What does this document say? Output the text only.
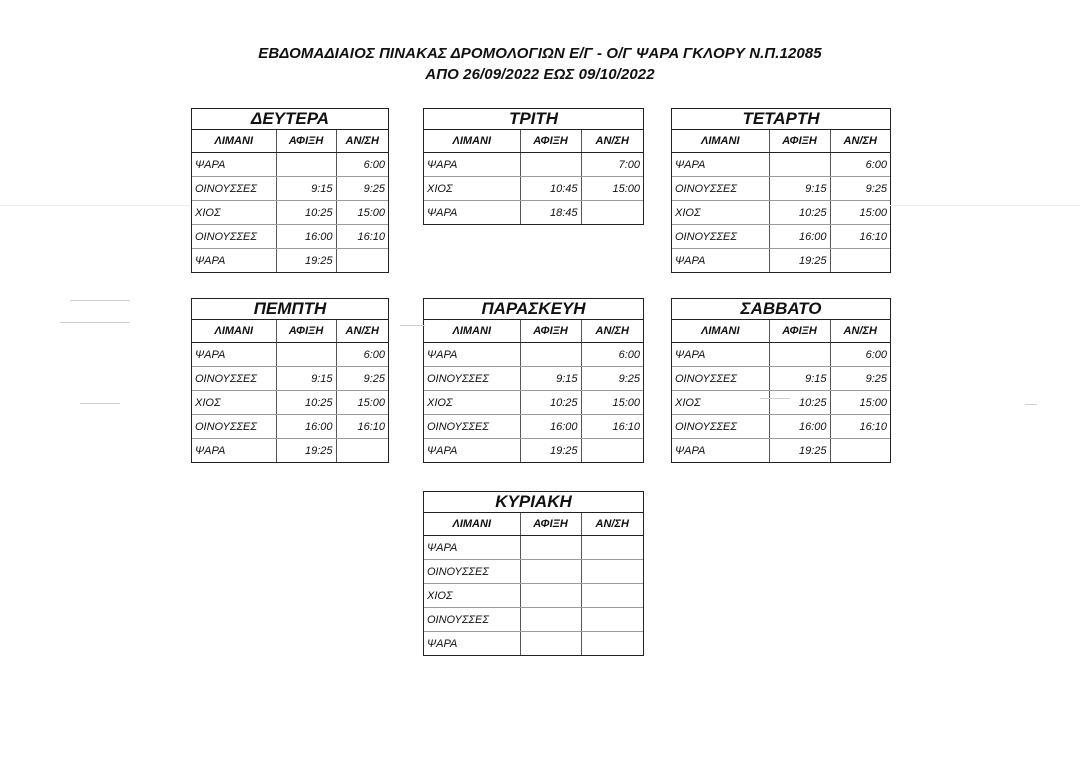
ΕΒΔΟΜΑΔΙΑΙΟΣ ΠΙΝΑΚΑΣ ΔΡΟΜΟΛΟΓΙΩΝ Ε/Γ - Ο/Γ ΨΑΡΑ ΓΚΛΟΡΥ Ν.Π.12085
ΑΠΟ 26/09/2022 ΕΩΣ 09/10/2022
ΔΕΥΤΕΡΑ
ΛΙΜΑΝΙ	ΑΦΙΞΗ	ΑΝ/ΣΗ
ΨΑΡΑ		6:00
ΟΙΝΟΥΣΣΕΣ	9:15	9:25
ΧΙΟΣ	10:25	15:00
ΟΙΝΟΥΣΣΕΣ	16:00	16:10
ΨΑΡΑ	19:25	
ΤΡΙΤΗ
ΛΙΜΑΝΙ	ΑΦΙΞΗ	ΑΝ/ΣΗ
ΨΑΡΑ		7:00
ΧΙΟΣ	10:45	15:00
ΨΑΡΑ	18:45	
ΤΕΤΑΡΤΗ
ΛΙΜΑΝΙ	ΑΦΙΞΗ	ΑΝ/ΣΗ
ΨΑΡΑ		6:00
ΟΙΝΟΥΣΣΕΣ	9:15	9:25
ΧΙΟΣ	10:25	15:00
ΟΙΝΟΥΣΣΕΣ	16:00	16:10
ΨΑΡΑ	19:25	
ΠΕΜΠΤΗ
ΛΙΜΑΝΙ	ΑΦΙΞΗ	ΑΝ/ΣΗ
ΨΑΡΑ		6:00
ΟΙΝΟΥΣΣΕΣ	9:15	9:25
ΧΙΟΣ	10:25	15:00
ΟΙΝΟΥΣΣΕΣ	16:00	16:10
ΨΑΡΑ	19:25	
ΠΑΡΑΣΚΕΥΗ
ΛΙΜΑΝΙ	ΑΦΙΞΗ	ΑΝ/ΣΗ
ΨΑΡΑ		6:00
ΟΙΝΟΥΣΣΕΣ	9:15	9:25
ΧΙΟΣ	10:25	15:00
ΟΙΝΟΥΣΣΕΣ	16:00	16:10
ΨΑΡΑ	19:25	
ΣΑΒΒΑΤΟ
ΛΙΜΑΝΙ	ΑΦΙΞΗ	ΑΝ/ΣΗ
ΨΑΡΑ		6:00
ΟΙΝΟΥΣΣΕΣ	9:15	9:25
ΧΙΟΣ	10:25	15:00
ΟΙΝΟΥΣΣΕΣ	16:00	16:10
ΨΑΡΑ	19:25	
ΚΥΡΙΑΚΗ
ΛΙΜΑΝΙ	ΑΦΙΞΗ	ΑΝ/ΣΗ
ΨΑΡΑ		
ΟΙΝΟΥΣΣΕΣ		
ΧΙΟΣ		
ΟΙΝΟΥΣΣΕΣ		
ΨΑΡΑ		
